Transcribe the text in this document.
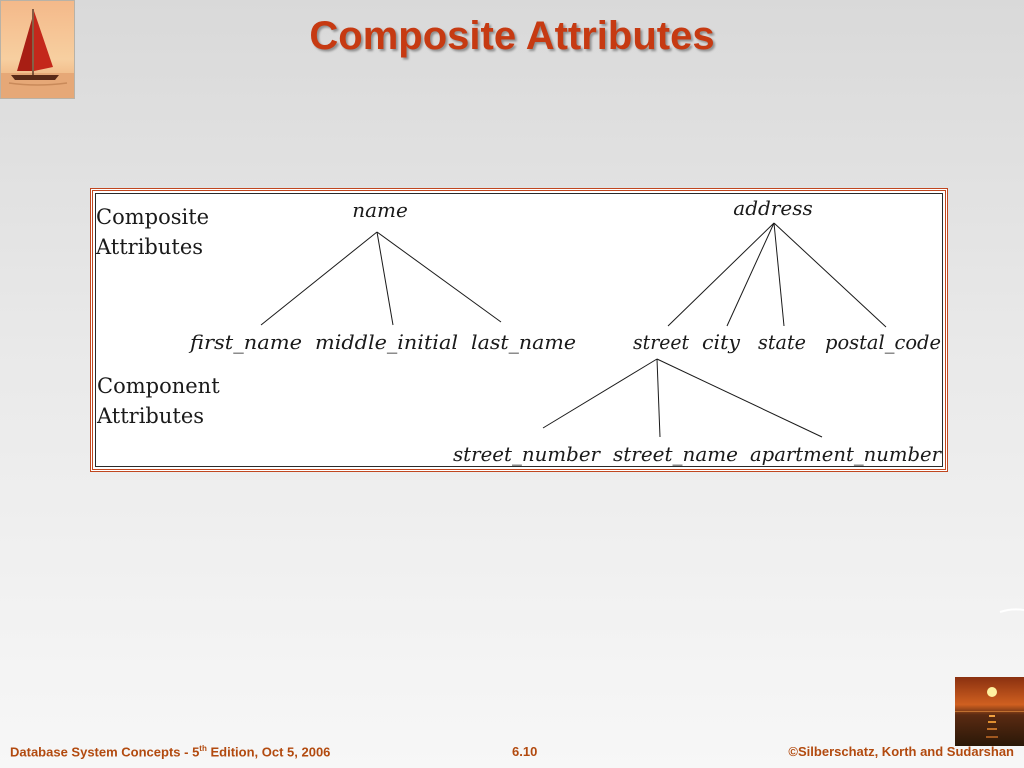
Composite Attributes
Composite
Attributes
Component
Attributes
name	address
first_name middle_initial last_name	street city state postal_code
street_number street_name apartment_number
Database System Concepts - 5th Edition, Oct 5, 2006	6.10	©Silberschatz, Korth and Sudarshan
